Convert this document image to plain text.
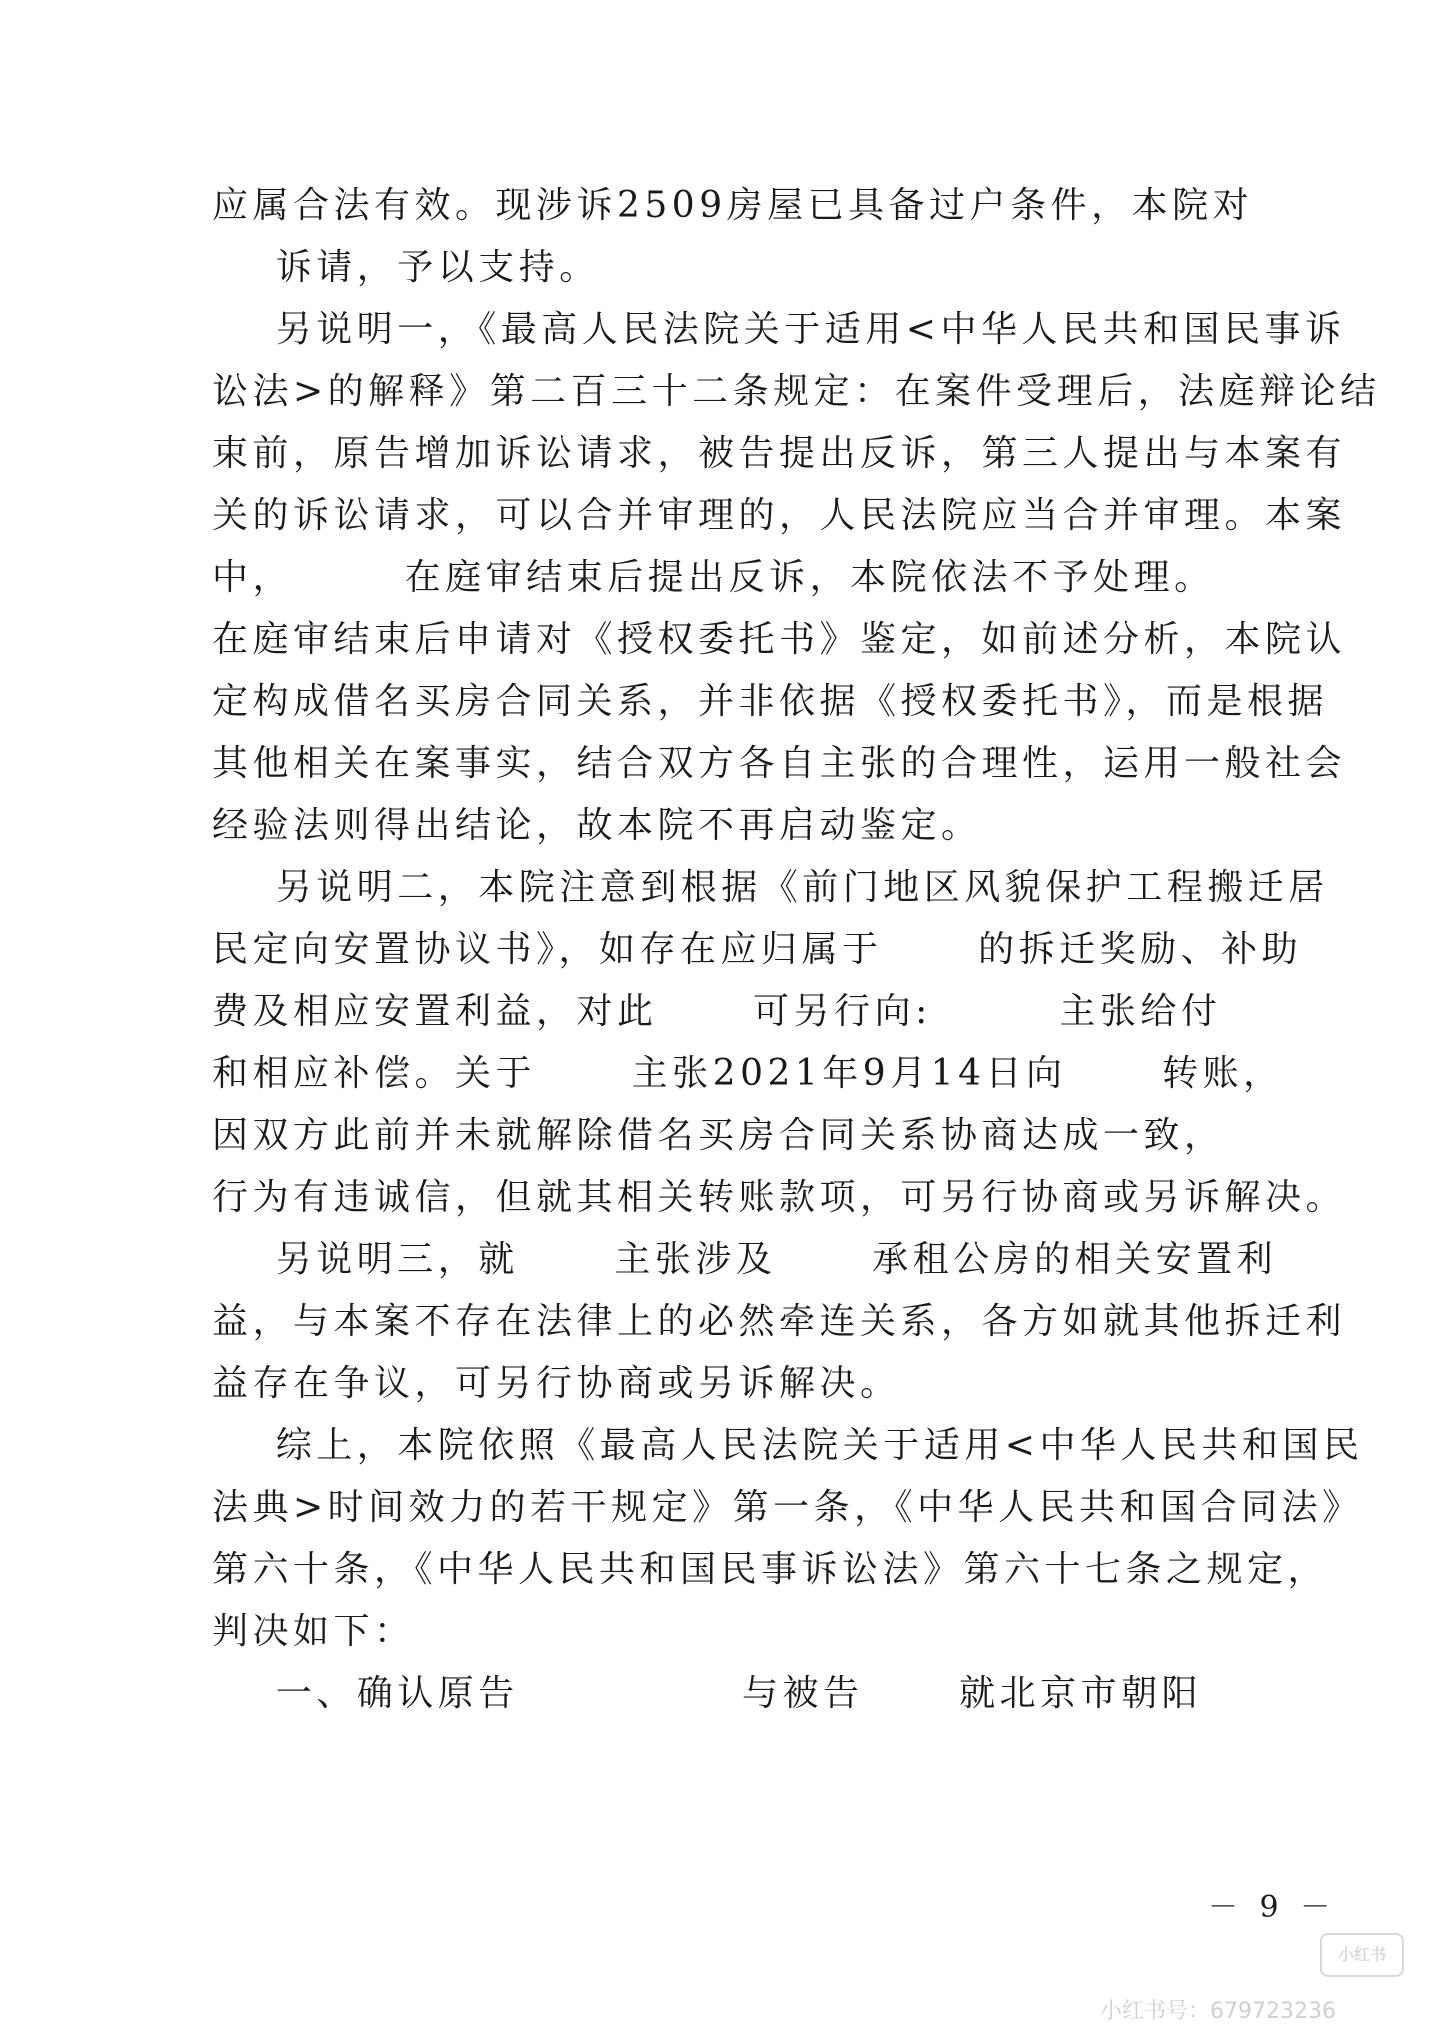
应属合法有效。现涉诉2509房屋已具备过户条件，本院对
诉请，予以支持。
另说明一，《最高人民法院关于适用<中华人民共和国民事诉
讼法>的解释》第二百三十二条规定：在案件受理后，法庭辩论结
束前，原告增加诉讼请求，被告提出反诉，第三人提出与本案有
关的诉讼请求，可以合并审理的，人民法院应当合并审理。本案
中，       在庭审结束后提出反诉，本院依法不予处理。
在庭审结束后申请对《授权委托书》鉴定，如前述分析，本院认
定构成借名买房合同关系，并非依据《授权委托书》，而是根据
其他相关在案事实，结合双方各自主张的合理性，运用一般社会
经验法则得出结论，故本院不再启动鉴定。
另说明二，本院注意到根据《前门地区风貌保护工程搬迁居
民定向安置协议书》，如存在应归属于      的拆迁奖励、补助
费及相应安置利益，对此      可另行向:        主张给付
和相应补偿。关于      主张2021年9月14日向      转账，
因双方此前并未就解除借名买房合同关系协商达成一致，
行为有违诚信，但就其相关转账款项，可另行协商或另诉解决。
另说明三，就      主张涉及      承租公房的相关安置利
益，与本案不存在法律上的必然牵连关系，各方如就其他拆迁利
益存在争议，可另行协商或另诉解决。
综上，本院依照《最高人民法院关于适用<中华人民共和国民
法典>时间效力的若干规定》第一条，《中华人民共和国合同法》
第六十条，《中华人民共和国民事诉讼法》第六十七条之规定，
判决如下：
一、确认原告              与被告      就北京市朝阳
－ 9 －
小红书
小红书号：679723236
